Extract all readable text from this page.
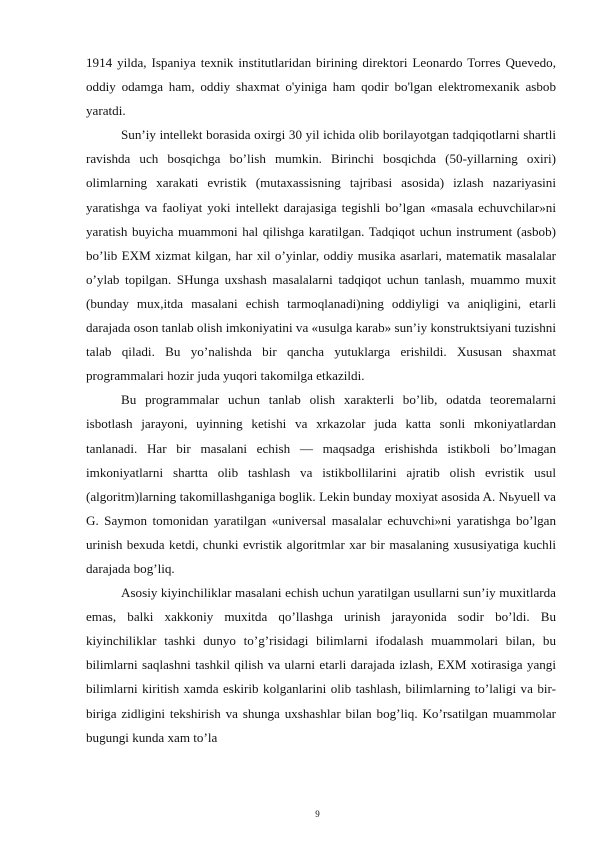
1914 yilda, Ispaniya texnik institutlaridan birining direktori Leonardo Torres Quevedo, oddiy odamga ham, oddiy shaxmat o'yiniga ham qodir bo'lgan elektromexanik asbob yaratdi.

Sun’iy intellekt borasida oxirgi 30 yil ichida olib borilayotgan tadqiqotlarni shartli ravishda uch bosqichga bo’lish mumkin. Birinchi bosqichda (50-yillarning oxiri) olimlarning xarakati evristik (mutaxassisning tajribasi asosida) izlash nazariyasini yaratishga va faoliyat yoki intellekt darajasiga tegishli bo’lgan «masala echuvchilar»ni yaratish buyicha muammoni hal qilishga karatilgan. Tadqiqot uchun instrument (asbob) bo’lib EXM xizmat kilgan, har xil o’yinlar, oddiy musika asarlari, matematik masalalar o’ylab topilgan. SHunga uxshash masalalarni tadqiqot uchun tanlash, muammo muxit (bunday mux,itda masalani echish tarmoqlanadi)ning oddiyligi va aniqligini, etarli darajada oson tanlab olish imkoniyatini va «usulga karab» sun’iy konstruktsiyani tuzishni talab qiladi. Bu yo’nalishda bir qancha yutuklarga erishildi. Xususan shaxmat programmalari hozir juda yuqori takomilga etkazildi.

Bu programmalar uchun tanlab olish xarakterli bo’lib, odatda teoremalarni isbotlash jarayoni, uyinning ketishi va xrkazolar juda katta sonli mkoniyatlardan tanlanadi. Har bir masalani echish — maqsadga erishishda istikboli bo’lmagan imkoniyatlarni shartta olib tashlash va istikbollilarini ajratib olish evristik usul (algoritm)larning takomillashganiga boglik. Lekin bunday moxiyat asosida A. Nьyuell va G. Saymon tomonidan yaratilgan «universal masalalar echuvchi»ni yaratishga bo’lgan urinish bexuda ketdi, chunki evristik algoritmlar xar bir masalaning xususiyatiga kuchli darajada bog’liq.

Asosiy kiyinchiliklar masalani echish uchun yaratilgan usullarni sun’iy muxitlarda emas, balki xakkoniy muxitda qo’llashga urinish jarayonida sodir bo’ldi. Bu kiyinchiliklar tashki dunyo to’g’risidagi bilimlarni ifodalash muammolari bilan, bu bilimlarni saqlashni tashkil qilish va ularni etarli darajada izlash, EXM xotirasiga yangi bilimlarni kiritish xamda eskirib kolganlarini olib tashlash, bilimlarning to’laligi va bir-biriga zidligini tekshirish va shunga uxshashlar bilan bog’liq. Ko’rsatilgan muammolar bugungi kunda xam to’la

9
